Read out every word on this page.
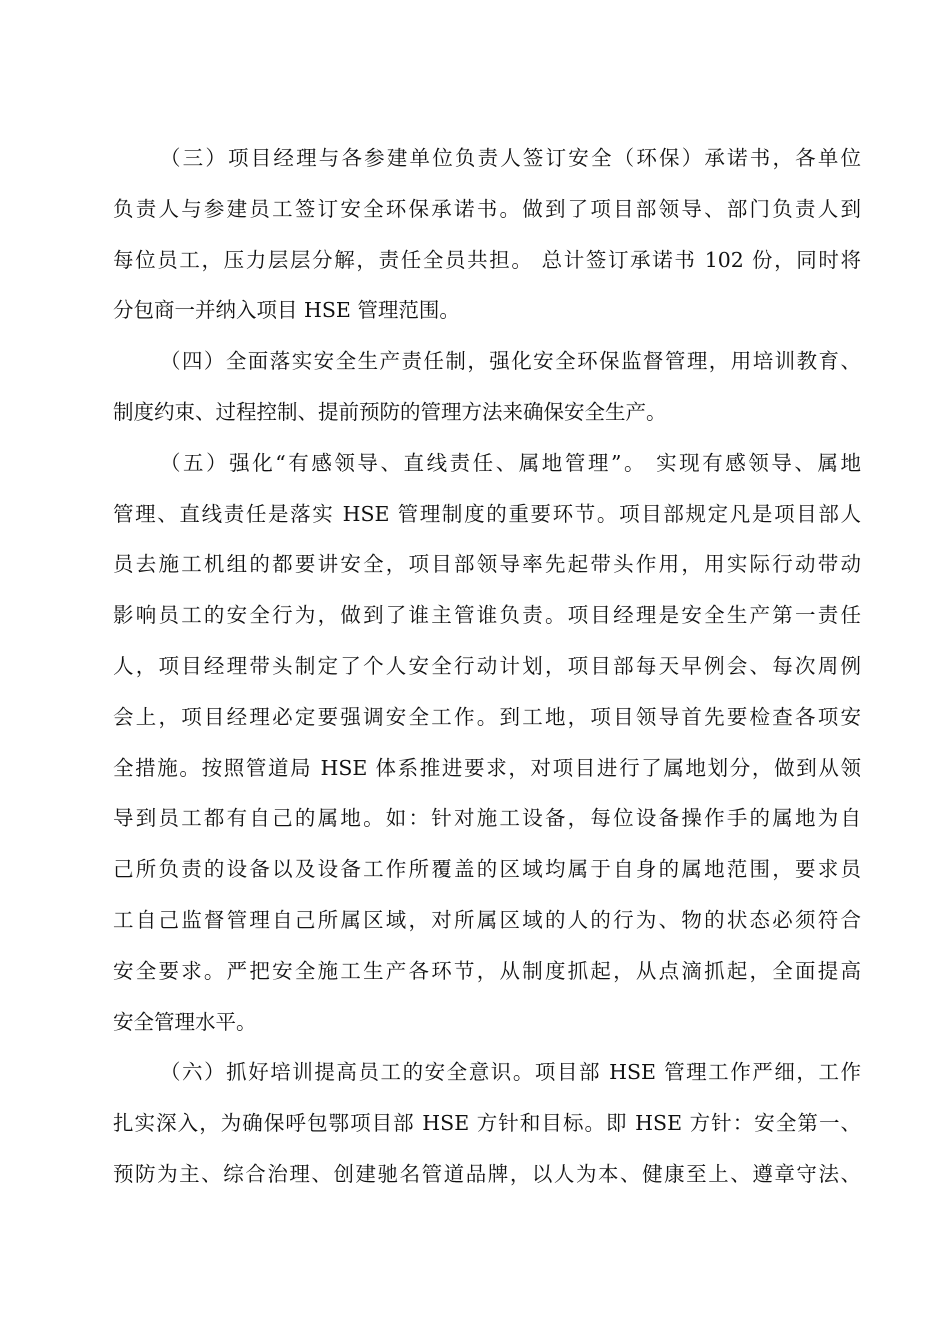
（三）项目经理与各参建单位负责人签订安全（环保）承诺书，各单位
负责人与参建员工签订安全环保承诺书。做到了项目部领导、部门负责人到
每位员工，压力层层分解，责任全员共担。 总计签订承诺书 102 份，同时将
分包商一并纳入项目 HSE 管理范围。
（四）全面落实安全生产责任制，强化安全环保监督管理，用培训教育、
制度约束、过程控制、提前预防的管理方法来确保安全生产。
（五）强化“有感领导、直线责任、属地管理”。 实现有感领导、属地
管理、直线责任是落实 HSE 管理制度的重要环节。项目部规定凡是项目部人
员去施工机组的都要讲安全，项目部领导率先起带头作用，用实际行动带动
影响员工的安全行为，做到了谁主管谁负责。项目经理是安全生产第一责任
人，项目经理带头制定了个人安全行动计划，项目部每天早例会、每次周例
会上，项目经理必定要强调安全工作。到工地，项目领导首先要检查各项安
全措施。按照管道局 HSE 体系推进要求，对项目进行了属地划分，做到从领
导到员工都有自己的属地。如：针对施工设备，每位设备操作手的属地为自
己所负责的设备以及设备工作所覆盖的区域均属于自身的属地范围，要求员
工自己监督管理自己所属区域，对所属区域的人的行为、物的状态必须符合
安全要求。严把安全施工生产各环节，从制度抓起，从点滴抓起，全面提高
安全管理水平。
（六）抓好培训提高员工的安全意识。项目部 HSE 管理工作严细，工作
扎实深入，为确保呼包鄂项目部 HSE 方针和目标。即 HSE 方针：安全第一、
预防为主、综合治理、创建驰名管道品牌，以人为本、健康至上、遵章守法、
